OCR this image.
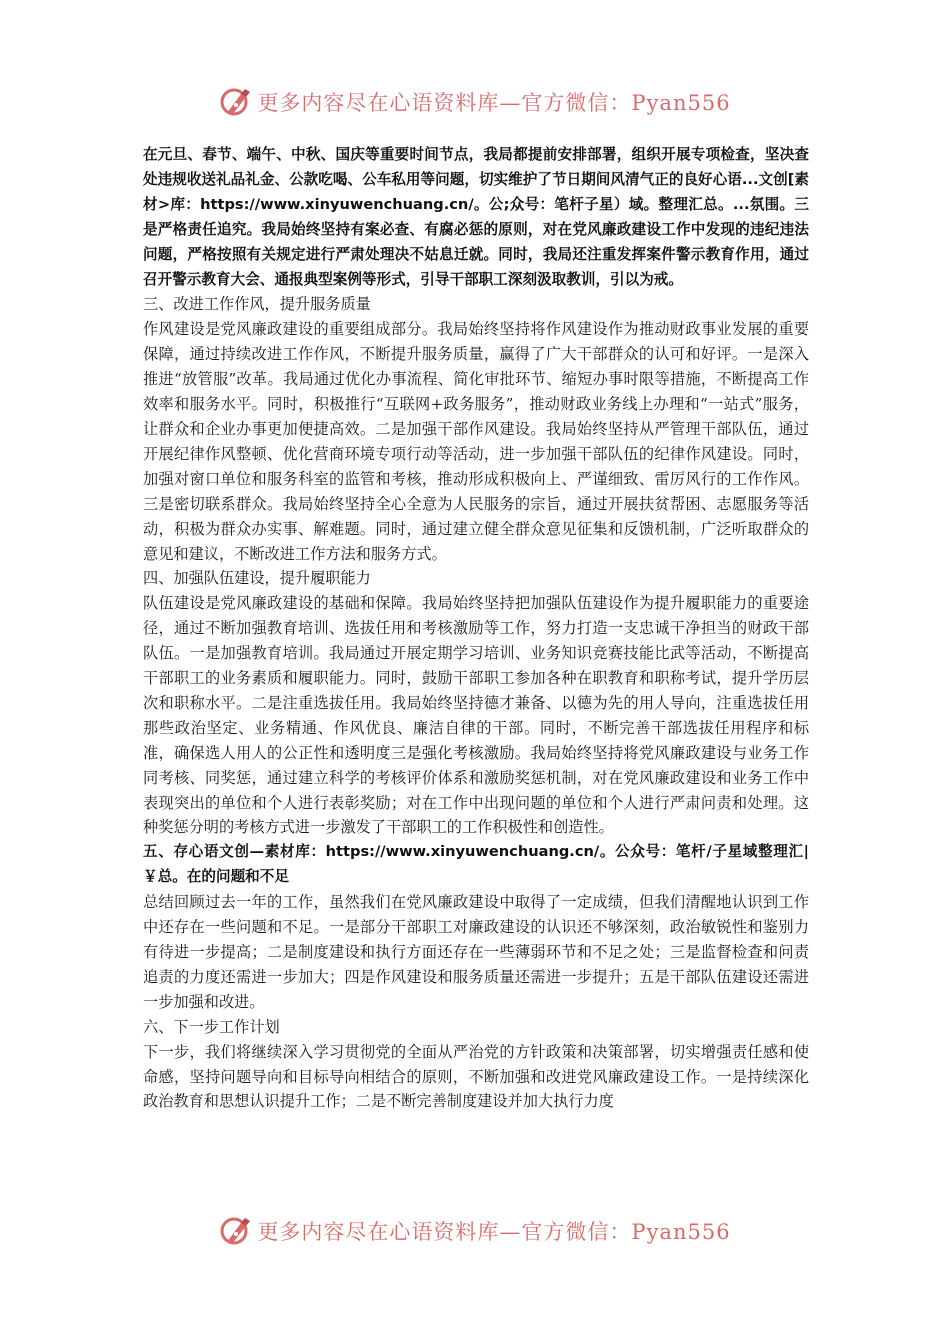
更多内容尽在心语资料库—官方微信：Pyan556

在元旦、春节、端午、中秋、国庆等重要时间节点，我局都提前安排部署，组织开展专项检查，坚决查处违规收送礼品礼金、公款吃喝、公车私用等问题，切实维护了节日期间风清气正的良好心语...文创[素材>库：https://www.xinyuwenchuang.cn/。公;众号：笔杆子星）域。整理汇总。...氛围。三是严格责任追究。我局始终坚持有案必查、有腐必惩的原则，对在党风廉政建设工作中发现的违纪违法问题，严格按照有关规定进行严肃处理决不姑息迁就。同时，我局还注重发挥案件警示教育作用，通过召开警示教育大会、通报典型案例等形式，引导干部职工深刻汲取教训，引以为戒。

三、改进工作作风，提升服务质量

作风建设是党风廉政建设的重要组成部分。我局始终坚持将作风建设作为推动财政事业发展的重要保障，通过持续改进工作作风，不断提升服务质量，赢得了广大干部群众的认可和好评。一是深入推进“放管服”改革。我局通过优化办事流程、简化审批环节、缩短办事时限等措施，不断提高工作效率和服务水平。同时，积极推行“互联网+政务服务”，推动财政业务线上办理和“一站式”服务，让群众和企业办事更加便捷高效。二是加强干部作风建设。我局始终坚持从严管理干部队伍，通过开展纪律作风整顿、优化营商环境专项行动等活动，进一步加强干部队伍的纪律作风建设。同时，加强对窗口单位和服务科室的监管和考核，推动形成积极向上、严谨细致、雷厉风行的工作作风。三是密切联系群众。我局始终坚持全心全意为人民服务的宗旨，通过开展扶贫帮困、志愿服务等活动，积极为群众办实事、解难题。同时，通过建立健全群众意见征集和反馈机制，广泛听取群众的意见和建议，不断改进工作方法和服务方式。

四、加强队伍建设，提升履职能力

队伍建设是党风廉政建设的基础和保障。我局始终坚持把加强队伍建设作为提升履职能力的重要途径，通过不断加强教育培训、选拔任用和考核激励等工作，努力打造一支忠诚干净担当的财政干部队伍。一是加强教育培训。我局通过开展定期学习培训、业务知识竞赛技能比武等活动，不断提高干部职工的业务素质和履职能力。同时，鼓励干部职工参加各种在职教育和职称考试，提升学历层次和职称水平。二是注重选拔任用。我局始终坚持德才兼备、以德为先的用人导向，注重选拔任用那些政治坚定、业务精通、作风优良、廉洁自律的干部。同时，不断完善干部选拔任用程序和标准，确保选人用人的公正性和透明度三是强化考核激励。我局始终坚持将党风廉政建设与业务工作同考核、同奖惩，通过建立科学的考核评价体系和激励奖惩机制，对在党风廉政建设和业务工作中表现突出的单位和个人进行表彰奖励；对在工作中出现问题的单位和个人进行严肃问责和处理。这种奖惩分明的考核方式进一步激发了干部职工的工作积极性和创造性。

五、存心语文创—素材库：https://www.xinyuwenchuang.cn/。公众号：笔杆/子星域整理汇|￥总。在的问题和不足

总结回顾过去一年的工作，虽然我们在党风廉政建设中取得了一定成绩，但我们清醒地认识到工作中还存在一些问题和不足。一是部分干部职工对廉政建设的认识还不够深刻，政治敏锐性和鉴别力有待进一步提高；二是制度建设和执行方面还存在一些薄弱环节和不足之处；三是监督检查和问责追责的力度还需进一步加大；四是作风建设和服务质量还需进一步提升；五是干部队伍建设还需进一步加强和改进。

六、下一步工作计划

下一步，我们将继续深入学习贯彻党的全面从严治党的方针政策和决策部署，切实增强责任感和使命感，坚持问题导向和目标导向相结合的原则，不断加强和改进党风廉政建设工作。一是持续深化政治教育和思想认识提升工作；二是不断完善制度建设并加大执行力度

更多内容尽在心语资料库—官方微信：Pyan556
